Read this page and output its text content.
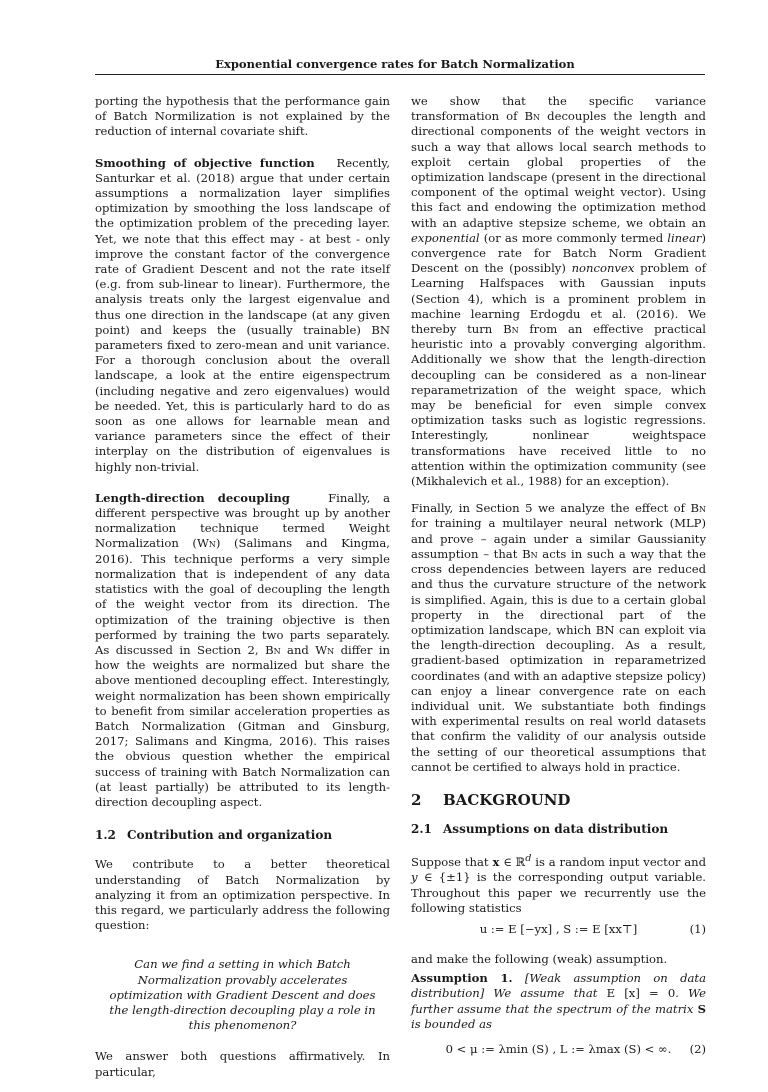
Exponential convergence rates for Batch Normalization

porting the hypothesis that the performance gain of Batch Normilization is not explained by the reduction of internal covariate shift.

Smoothing of objective function Recently, Santurkar et al. (2018) argue that under certain assumptions a normalization layer simplifies optimization by smoothing the loss landscape of the optimization problem of the preceding layer. Yet, we note that this effect may - at best - only improve the constant factor of the convergence rate of Gradient Descent and not the rate itself (e.g. from sub-linear to linear). Furthermore, the analysis treats only the largest eigenvalue and thus one direction in the landscape (at any given point) and keeps the (usually trainable) BN parameters fixed to zero-mean and unit variance. For a thorough conclusion about the overall landscape, a look at the entire eigenspectrum (including negative and zero eigenvalues) would be needed. Yet, this is particularly hard to do as soon as one allows for learnable mean and variance parameters since the effect of their interplay on the distribution of eigenvalues is highly non-trivial.

Length-direction decoupling	Finally, a different perspective was brought up by another normalization technique termed Weight Normalization (Wn) (Salimans and Kingma, 2016). This technique performs a very simple normalization that is independent of any data statistics with the goal of decoupling the length of the weight vector from its direction. The optimization of the training objective is then performed by training the two parts separately. As discussed in Section 2, Bn and Wn differ in how the weights are normalized but share the above mentioned decoupling effect. Interestingly, weight normalization has been shown empirically to benefit from similar acceleration properties as Batch Normalization (Gitman and Ginsburg, 2017; Salimans and Kingma, 2016). This raises the obvious question whether the empirical success of training with Batch Normalization can (at least partially) be attributed to its length-direction decoupling aspect.

1.2 Contribution and organization

We contribute to a better theoretical understanding of Batch Normalization by analyzing it from an optimization perspective. In this regard, we particularly address the following question:

Can we find a setting in which Batch Normalization provably accelerates optimization with Gradient Descent and does the length-direction decoupling play a role in this phenomenon?

We answer both questions affirmatively. In particular,

we show that the specific variance transformation of Bn decouples the length and directional components of the weight vectors in such a way that allows local search methods to exploit certain global properties of the optimization landscape (present in the directional component of the optimal weight vector). Using this fact and endowing the optimization method with an adaptive stepsize scheme, we obtain an exponential (or as more commonly termed linear) convergence rate for Batch Norm Gradient Descent on the (possibly) nonconvex problem of Learning Halfspaces with Gaussian inputs (Section 4), which is a prominent problem in machine learning Erdogdu et al. (2016). We thereby turn Bn from an effective practical heuristic into a provably converging algorithm. Additionally we show that the length-direction decoupling can be considered as a non-linear reparametrization of the weight space, which may be beneficial for even simple convex optimization tasks such as logistic regressions. Interestingly, nonlinear weightspace transformations have received little to no attention within the optimization community (see (Mikhalevich et al., 1988) for an exception).

Finally, in Section 5 we analyze the effect of Bn for training a multilayer neural network (MLP) and prove – again under a similar Gaussianity assumption – that Bn acts in such a way that the cross dependencies between layers are reduced and thus the curvature structure of the network is simplified. Again, this is due to a certain global property in the directional part of the optimization landscape, which BN can exploit via the length-direction decoupling. As a result, gradient-based optimization in reparametrized coordinates (and with an adaptive stepsize policy) can enjoy a linear convergence rate on each individual unit. We substantiate both findings with experimental results on real world datasets that confirm the validity of our analysis outside the setting of our theoretical assumptions that cannot be certified to always hold in practice.

2 BACKGROUND
2.1 Assumptions on data distribution

Suppose that x ∈ ℝ$^d$ is a random input vector and y ∈ {±1} is the corresponding output variable. Throughout this paper we recurrently use the following statistics

u := E [−yx] , S := E [xx⊤]	(1)

and make the following (weak) assumption.

Assumption 1. [Weak assumption on data distribution] We assume that E [x] = 0. We further assume that the spectrum of the matrix S is bounded as

0 < μ := λmin (S) , L := λmax (S) < ∞. (2)
